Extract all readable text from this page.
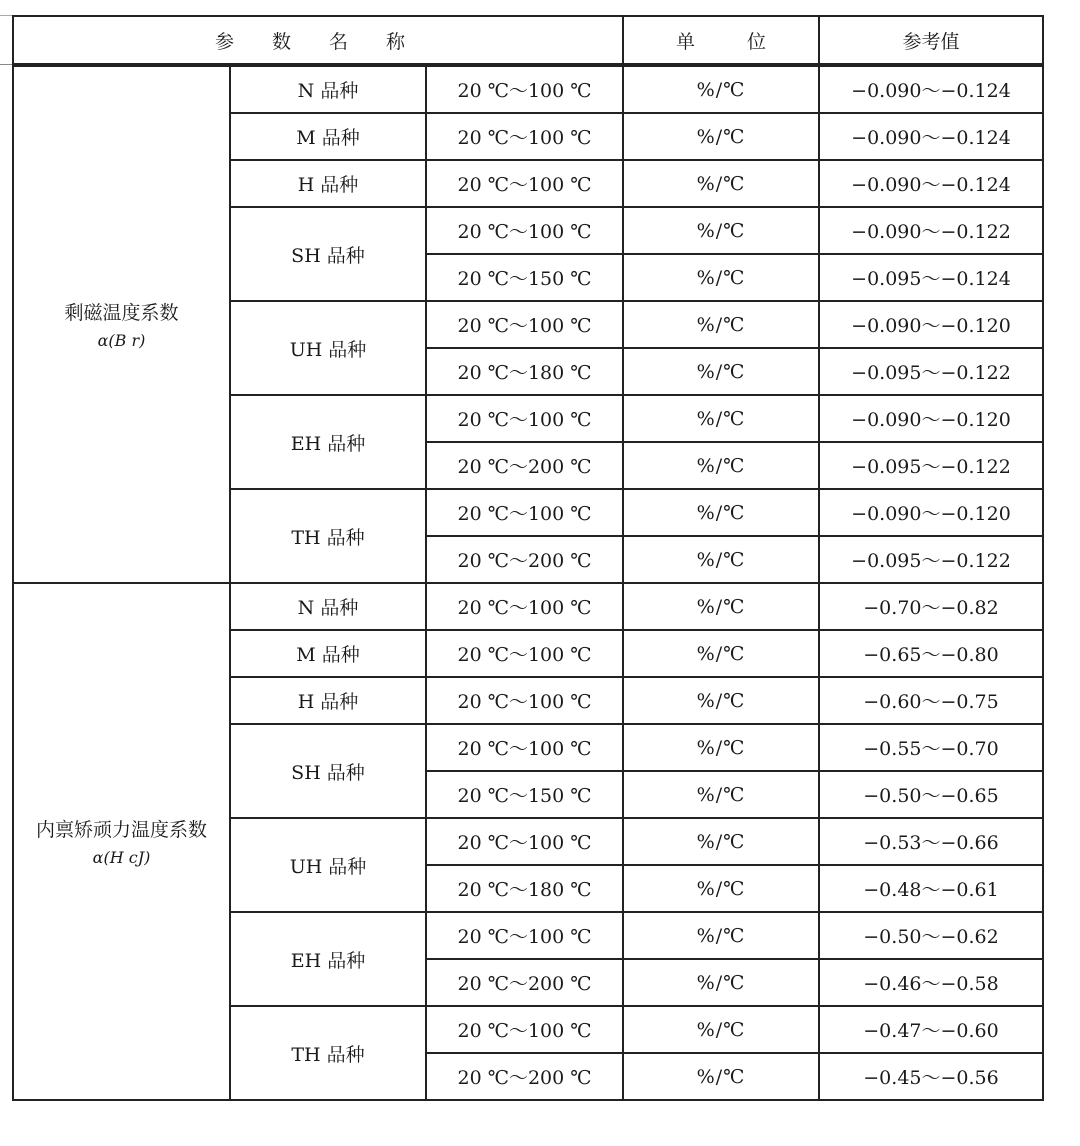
参 数 名 称			单 位	参考值
剩磁温度系数
α(B r)	N 品种	20 ℃～100 ℃	%/℃	−0.090～−0.124
	M 品种	20 ℃～100 ℃	%/℃	−0.090～−0.124
	H 品种	20 ℃～100 ℃	%/℃	−0.090～−0.124
	SH 品种	20 ℃～100 ℃	%/℃	−0.090～−0.122
		20 ℃～150 ℃	%/℃	−0.095～−0.124
	UH 品种	20 ℃～100 ℃	%/℃	−0.090～−0.120
		20 ℃～180 ℃	%/℃	−0.095～−0.122
	EH 品种	20 ℃～100 ℃	%/℃	−0.090～−0.120
		20 ℃～200 ℃	%/℃	−0.095～−0.122
	TH 品种	20 ℃～100 ℃	%/℃	−0.090～−0.120
		20 ℃～200 ℃	%/℃	−0.095～−0.122
内禀矫顽力温度系数
α(H cJ)	N 品种	20 ℃～100 ℃	%/℃	−0.70～−0.82
	M 品种	20 ℃～100 ℃	%/℃	−0.65～−0.80
	H 品种	20 ℃～100 ℃	%/℃	−0.60～−0.75
	SH 品种	20 ℃～100 ℃	%/℃	−0.55～−0.70
		20 ℃～150 ℃	%/℃	−0.50～−0.65
	UH 品种	20 ℃～100 ℃	%/℃	−0.53～−0.66
		20 ℃～180 ℃	%/℃	−0.48～−0.61
	EH 品种	20 ℃～100 ℃	%/℃	−0.50～−0.62
		20 ℃～200 ℃	%/℃	−0.46～−0.58
	TH 品种	20 ℃～100 ℃	%/℃	−0.47～−0.60
		20 ℃～200 ℃	%/℃	−0.45～−0.56
